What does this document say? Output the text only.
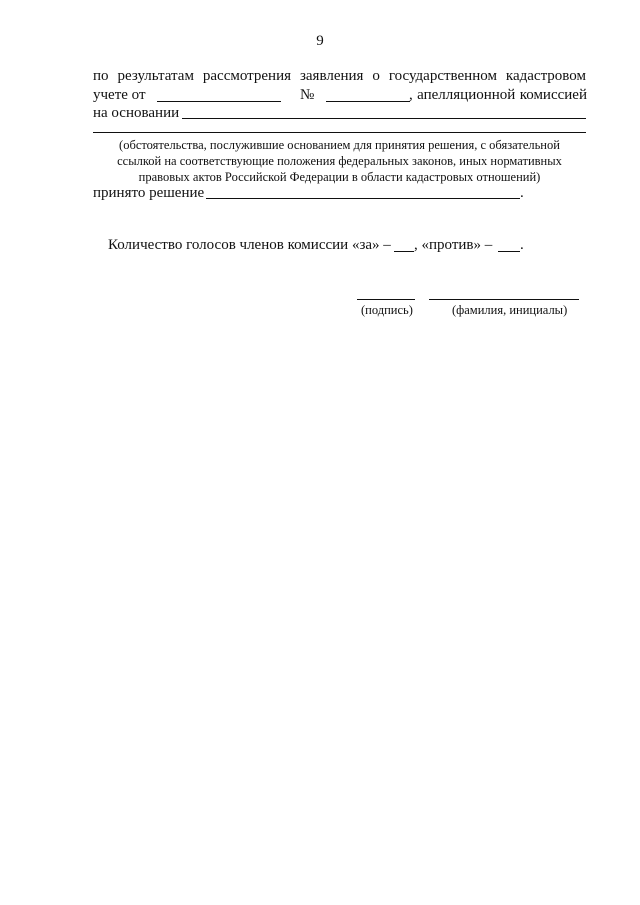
9
по результатам рассмотрения заявления о государственном кадастровом
учете от	№	, апелляционной комиссией
на основании
(обстоятельства, послужившие основанием для принятия решения, с обязательной
ссылкой на соответствующие положения федеральных законов, иных нормативных
правовых актов Российской Федерации в области кадастровых отношений)
принято решение	.
Количество голосов членов комиссии «за» – , «против» – .
(подпись)	(фамилия, инициалы)
